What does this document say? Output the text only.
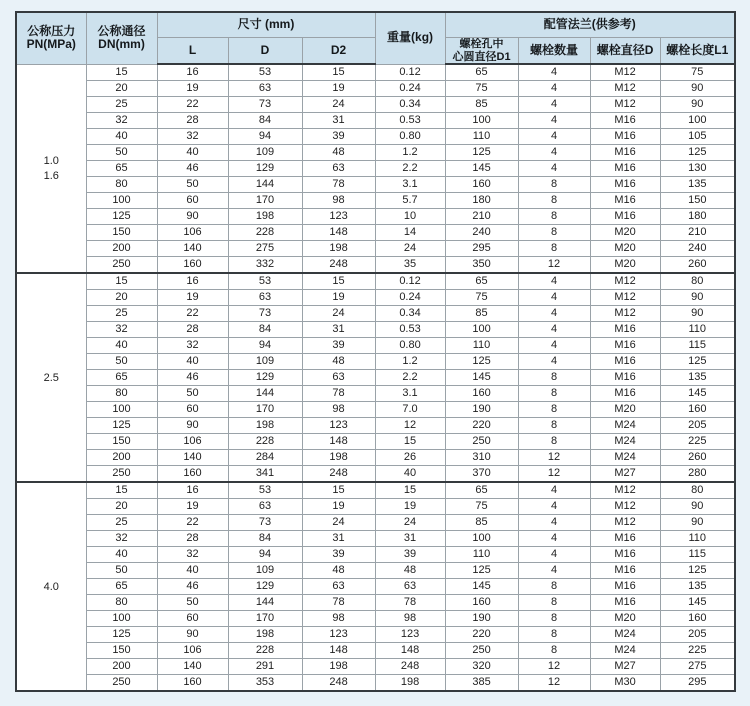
公称压力
PN(MPa)	公称通径
DN(mm)	尺寸 (mm)			重量(kg)	配管法兰(供参考)			
		L	D	D2		螺栓孔中
心圆直径D1	螺栓数量	螺栓直径D	螺栓长度L1

1.0
1.6	15	16	53	15	0.12	65	4	M12	75
	20	19	63	19	0.24	75	4	M12	90
	25	22	73	24	0.34	85	4	M12	90
	32	28	84	31	0.53	100	4	M16	100
	40	32	94	39	0.80	110	4	M16	105
	50	40	109	48	1.2	125	4	M16	125
	65	46	129	63	2.2	145	4	M16	130
	80	50	144	78	3.1	160	8	M16	135
	100	60	170	98	5.7	180	8	M16	150
	125	90	198	123	10	210	8	M16	180
	150	106	228	148	14	240	8	M20	210
	200	140	275	198	24	295	8	M20	240
	250	160	332	248	35	350	12	M20	260

2.5	15	16	53	15	0.12	65	4	M12	80
	20	19	63	19	0.24	75	4	M12	90
	25	22	73	24	0.34	85	4	M12	90
	32	28	84	31	0.53	100	4	M16	110
	40	32	94	39	0.80	110	4	M16	115
	50	40	109	48	1.2	125	4	M16	125
	65	46	129	63	2.2	145	8	M16	135
	80	50	144	78	3.1	160	8	M16	145
	100	60	170	98	7.0	190	8	M20	160
	125	90	198	123	12	220	8	M24	205
	150	106	228	148	15	250	8	M24	225
	200	140	284	198	26	310	12	M24	260
	250	160	341	248	40	370	12	M27	280

4.0	15	16	53	15	15	65	4	M12	80
	20	19	63	19	19	75	4	M12	90
	25	22	73	24	24	85	4	M12	90
	32	28	84	31	31	100	4	M16	110
	40	32	94	39	39	110	4	M16	115
	50	40	109	48	48	125	4	M16	125
	65	46	129	63	63	145	8	M16	135
	80	50	144	78	78	160	8	M16	145
	100	60	170	98	98	190	8	M20	160
	125	90	198	123	123	220	8	M24	205
	150	106	228	148	148	250	8	M24	225
	200	140	291	198	248	320	12	M27	275
	250	160	353	248	198	385	12	M30	295
